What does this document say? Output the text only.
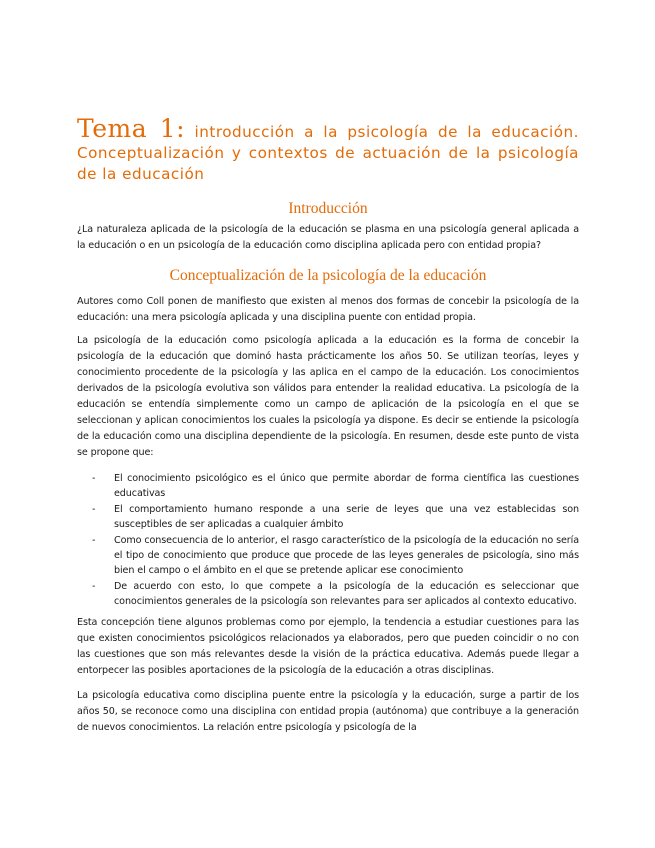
Tema 1: introducción a la psicología de la educación. Conceptualización y contextos de actuación de la psicología de la educación
Introducción

¿La naturaleza aplicada de la psicología de la educación se plasma en una psicología general aplicada a la educación o en un psicología de la educación como disciplina aplicada pero con entidad propia?

Conceptualización de la psicología de la educación

Autores como Coll ponen de manifiesto que existen al menos dos formas de concebir la psicología de la educación: una mera psicología aplicada y una disciplina puente con entidad propia.

La psicología de la educación como psicología aplicada a la educación es la forma de concebir la psicología de la educación que dominó hasta prácticamente los años 50. Se utilizan teorías, leyes y conocimiento procedente de la psicología y las aplica en el campo de la educación. Los conocimientos derivados de la psicología evolutiva son válidos para entender la realidad educativa. La psicología de la educación se entendía simplemente como un campo de aplicación de la psicología en el que se seleccionan y aplican conocimientos los cuales la psicología ya dispone. Es decir se entiende la psicología de la educación como una disciplina dependiente de la psicología. En resumen, desde este punto de vista se propone que:

- El conocimiento psicológico es el único que permite abordar de forma científica las cuestiones educativas
- El comportamiento humano responde a una serie de leyes que una vez establecidas son susceptibles de ser aplicadas a cualquier ámbito
- Como consecuencia de lo anterior, el rasgo característico de la psicología de la educación no sería el tipo de conocimiento que produce que procede de las leyes generales de psicología, sino más bien el campo o el ámbito en el que se pretende aplicar ese conocimiento
- De acuerdo con esto, lo que compete a la psicología de la educación es seleccionar que conocimientos generales de la psicología son relevantes para ser aplicados al contexto educativo.

Esta concepción tiene algunos problemas como por ejemplo, la tendencia a estudiar cuestiones para las que existen conocimientos psicológicos relacionados ya elaborados, pero que pueden coincidir o no con las cuestiones que son más relevantes desde la visión de la práctica educativa. Además puede llegar a entorpecer las posibles aportaciones de la psicología de la educación a otras disciplinas.

La psicología educativa como disciplina puente entre la psicología y la educación, surge a partir de los años 50, se reconoce como una disciplina con entidad propia (autónoma) que contribuye a la generación de nuevos conocimientos. La relación entre psicología y psicología de la
